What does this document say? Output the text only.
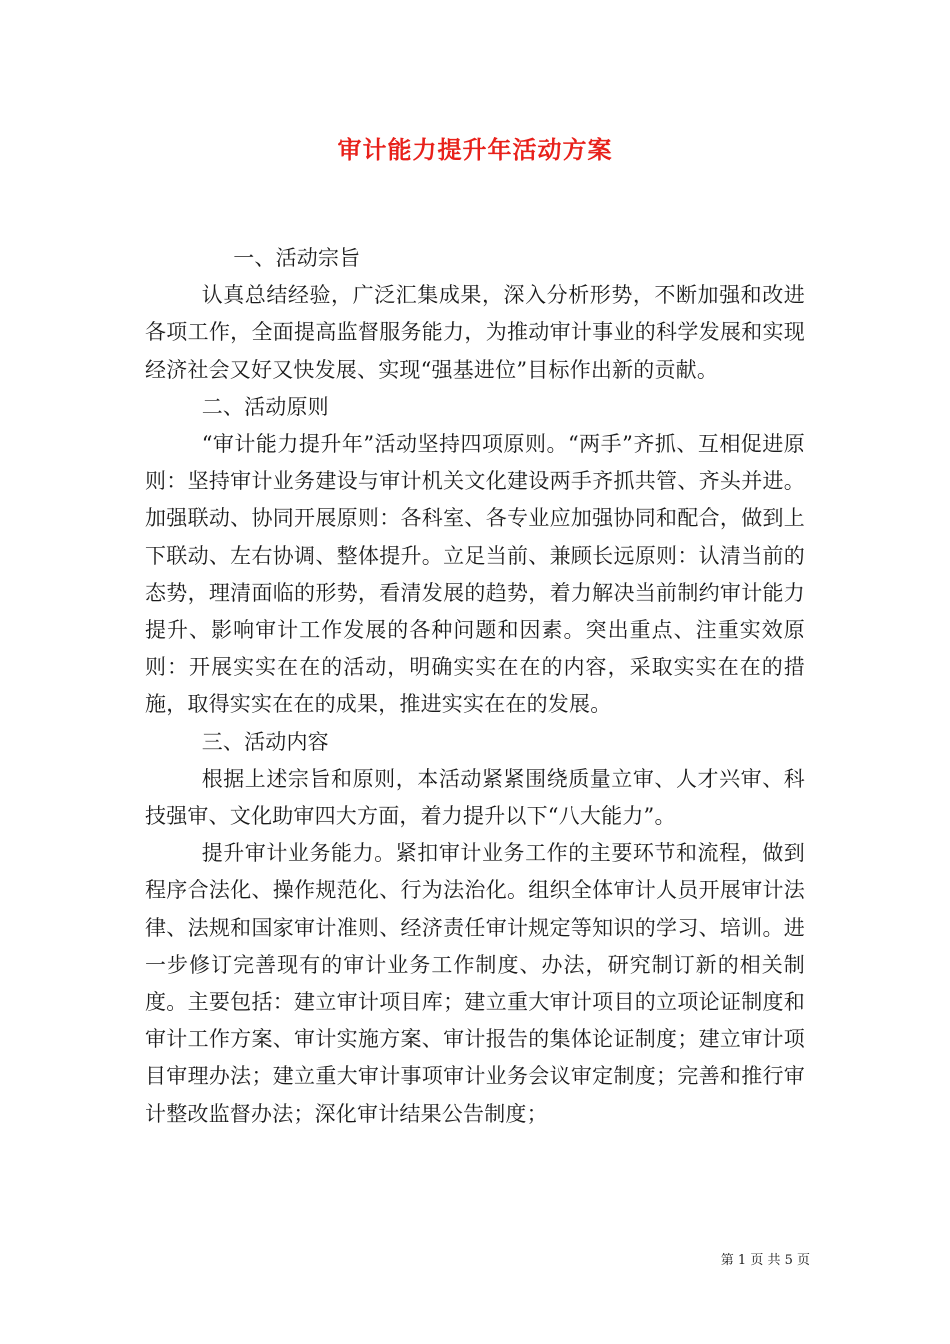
审计能力提升年活动方案

一、活动宗旨

认真总结经验，广泛汇集成果，深入分析形势，不断加强和改进各项工作，全面提高监督服务能力，为推动审计事业的科学发展和实现经济社会又好又快发展、实现“强基进位”目标作出新的贡献。

二、活动原则

“审计能力提升年”活动坚持四项原则。“两手”齐抓、互相促进原则：坚持审计业务建设与审计机关文化建设两手齐抓共管、齐头并进。加强联动、协同开展原则：各科室、各专业应加强协同和配合，做到上下联动、左右协调、整体提升。立足当前、兼顾长远原则：认清当前的态势，理清面临的形势，看清发展的趋势，着力解决当前制约审计能力提升、影响审计工作发展的各种问题和因素。突出重点、注重实效原则：开展实实在在的活动，明确实实在在的内容，采取实实在在的措施，取得实实在在的成果，推进实实在在的发展。

三、活动内容

根据上述宗旨和原则，本活动紧紧围绕质量立审、人才兴审、科技强审、文化助审四大方面，着力提升以下“八大能力”。

提升审计业务能力。紧扣审计业务工作的主要环节和流程，做到程序合法化、操作规范化、行为法治化。组织全体审计人员开展审计法律、法规和国家审计准则、经济责任审计规定等知识的学习、培训。进一步修订完善现有的审计业务工作制度、办法，研究制订新的相关制度。主要包括：建立审计项目库；建立重大审计项目的立项论证制度和审计工作方案、审计实施方案、审计报告的集体论证制度；建立审计项目审理办法；建立重大审计事项审计业务会议审定制度；完善和推行审计整改监督办法；深化审计结果公告制度；

第 1 页 共 5 页
